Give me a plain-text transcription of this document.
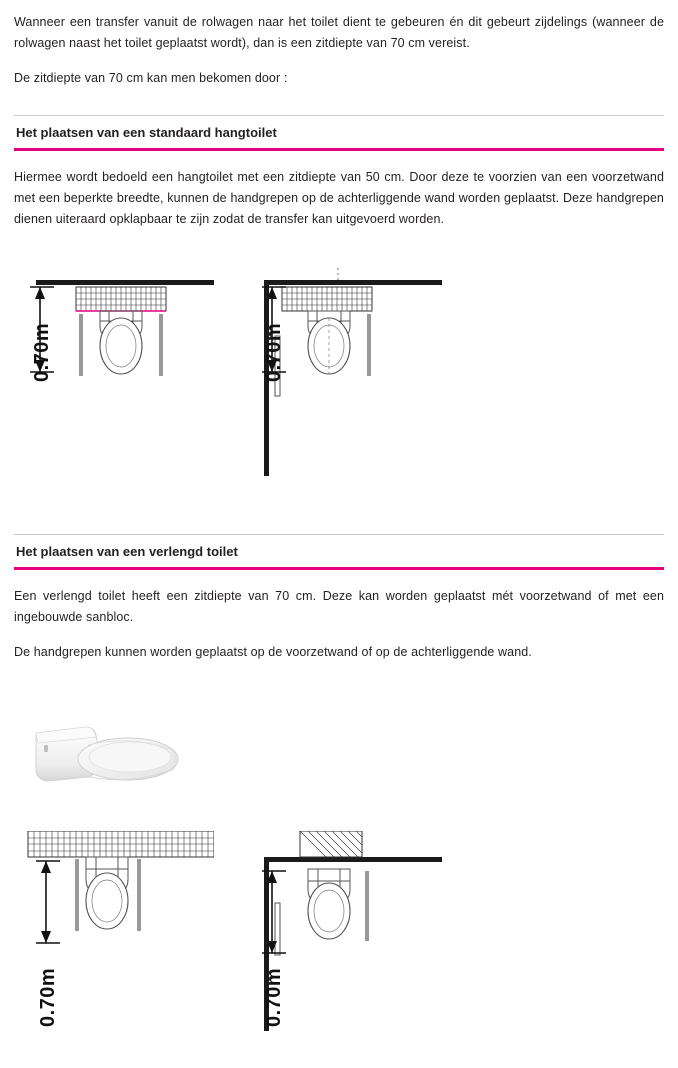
Wanneer een transfer vanuit de rolwagen naar het toilet dient te gebeuren én dit gebeurt zijdelings (wanneer de rolwagen naast het toilet geplaatst wordt), dan is een zitdiepte van 70 cm vereist.

De zitdiepte van 70 cm kan men bekomen door :

Het plaatsen van een standaard hangtoilet

Hiermee wordt bedoeld een hangtoilet met een zitdiepte van 50 cm. Door deze te voorzien van een voorzetwand met een beperkte breedte, kunnen de handgrepen op de achterliggende wand worden geplaatst. Deze handgrepen dienen uiteraard opklapbaar te zijn zodat de transfer kan uitgevoerd worden.

0.70m	0.70m
Het plaatsen van een verlengd toilet

Een verlengd toilet heeft een zitdiepte van 70 cm. Deze kan worden geplaatst mét voorzetwand of met een ingebouwde sanbloc.

De handgrepen kunnen worden geplaatst op de voorzetwand of op de achterliggende wand.

0.70m	0.70m
